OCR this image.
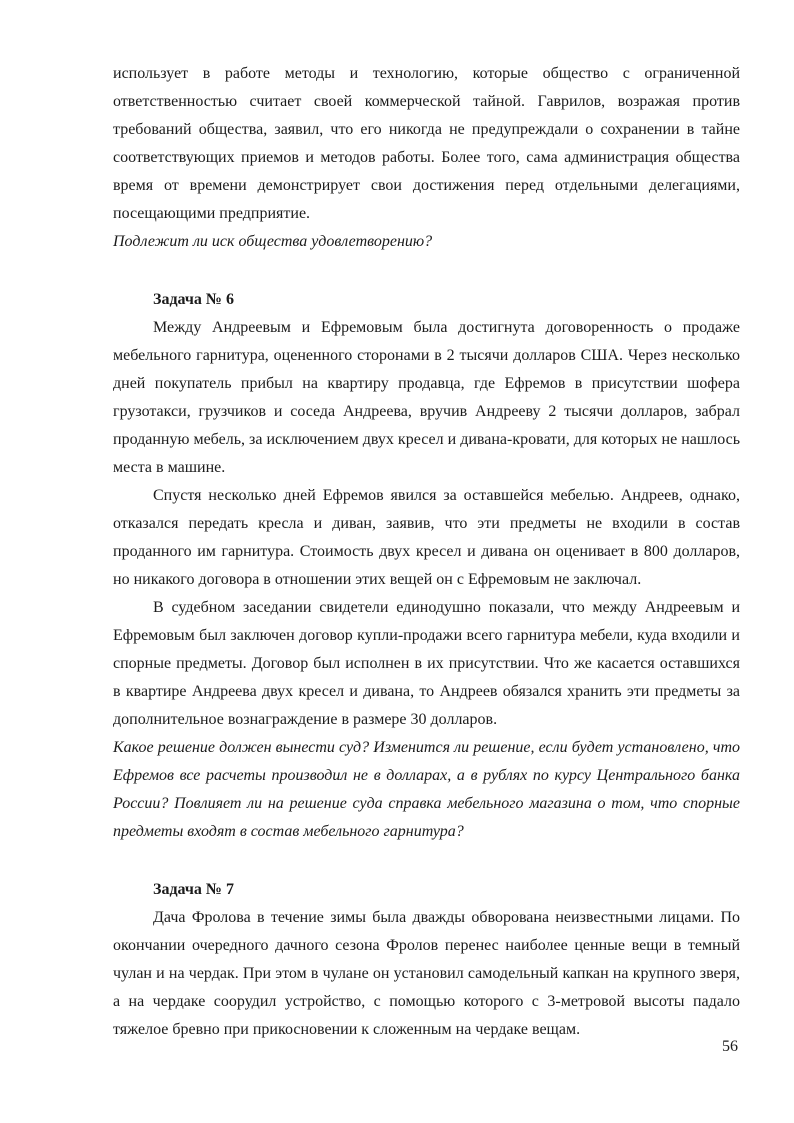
использует в работе методы и технологию, которые общество с ограниченной ответственностью считает своей коммерческой тайной. Гаврилов, возражая против требований общества, заявил, что его никогда не предупреждали о сохранении в тайне соответствующих приемов и методов работы. Более того, сама администрация общества время от времени демонстрирует свои достижения перед отдельными делегациями, посещающими предприятие.

Подлежит ли иск общества удовлетворению?

Задача № 6

Между Андреевым и Ефремовым была достигнута договоренность о продаже мебельного гарнитура, оцененного сторонами в 2 тысячи долларов США. Через несколько дней покупатель прибыл на квартиру продавца, где Ефремов в присутствии шофера грузотакси, грузчиков и соседа Андреева, вручив Андрееву 2 тысячи долларов, забрал проданную мебель, за исключением двух кресел и дивана-кровати, для которых не нашлось места в машине.

Спустя несколько дней Ефремов явился за оставшейся мебелью. Андреев, однако, отказался передать кресла и диван, заявив, что эти предметы не входили в состав проданного им гарнитура. Стоимость двух кресел и дивана он оценивает в 800 долларов, но никакого договора в отношении этих вещей он с Ефремовым не заключал.

В судебном заседании свидетели единодушно показали, что между Андреевым и Ефремовым был заключен договор купли-продажи всего гарнитура мебели, куда входили и спорные предметы. Договор был исполнен в их присутствии. Что же касается оставшихся в квартире Андреева двух кресел и дивана, то Андреев обязался хранить эти предметы за дополнительное вознаграждение в размере 30 долларов.

Какое решение должен вынести суд? Изменится ли решение, если будет установлено, что Ефремов все расчеты производил не в долларах, а в рублях по курсу Центрального банка России? Повлияет ли на решение суда справка мебельного магазина о том, что спорные предметы входят в состав мебельного гарнитура?

Задача № 7

Дача Фролова в течение зимы была дважды обворована неизвестными лицами. По окончании очередного дачного сезона Фролов перенес наиболее ценные вещи в темный чулан и на чердак. При этом в чулане он установил самодельный капкан на крупного зверя, а на чердаке соорудил устройство, с помощью которого с 3-метровой высоты падало тяжелое бревно при прикосновении к сложенным на чердаке вещам.

56
